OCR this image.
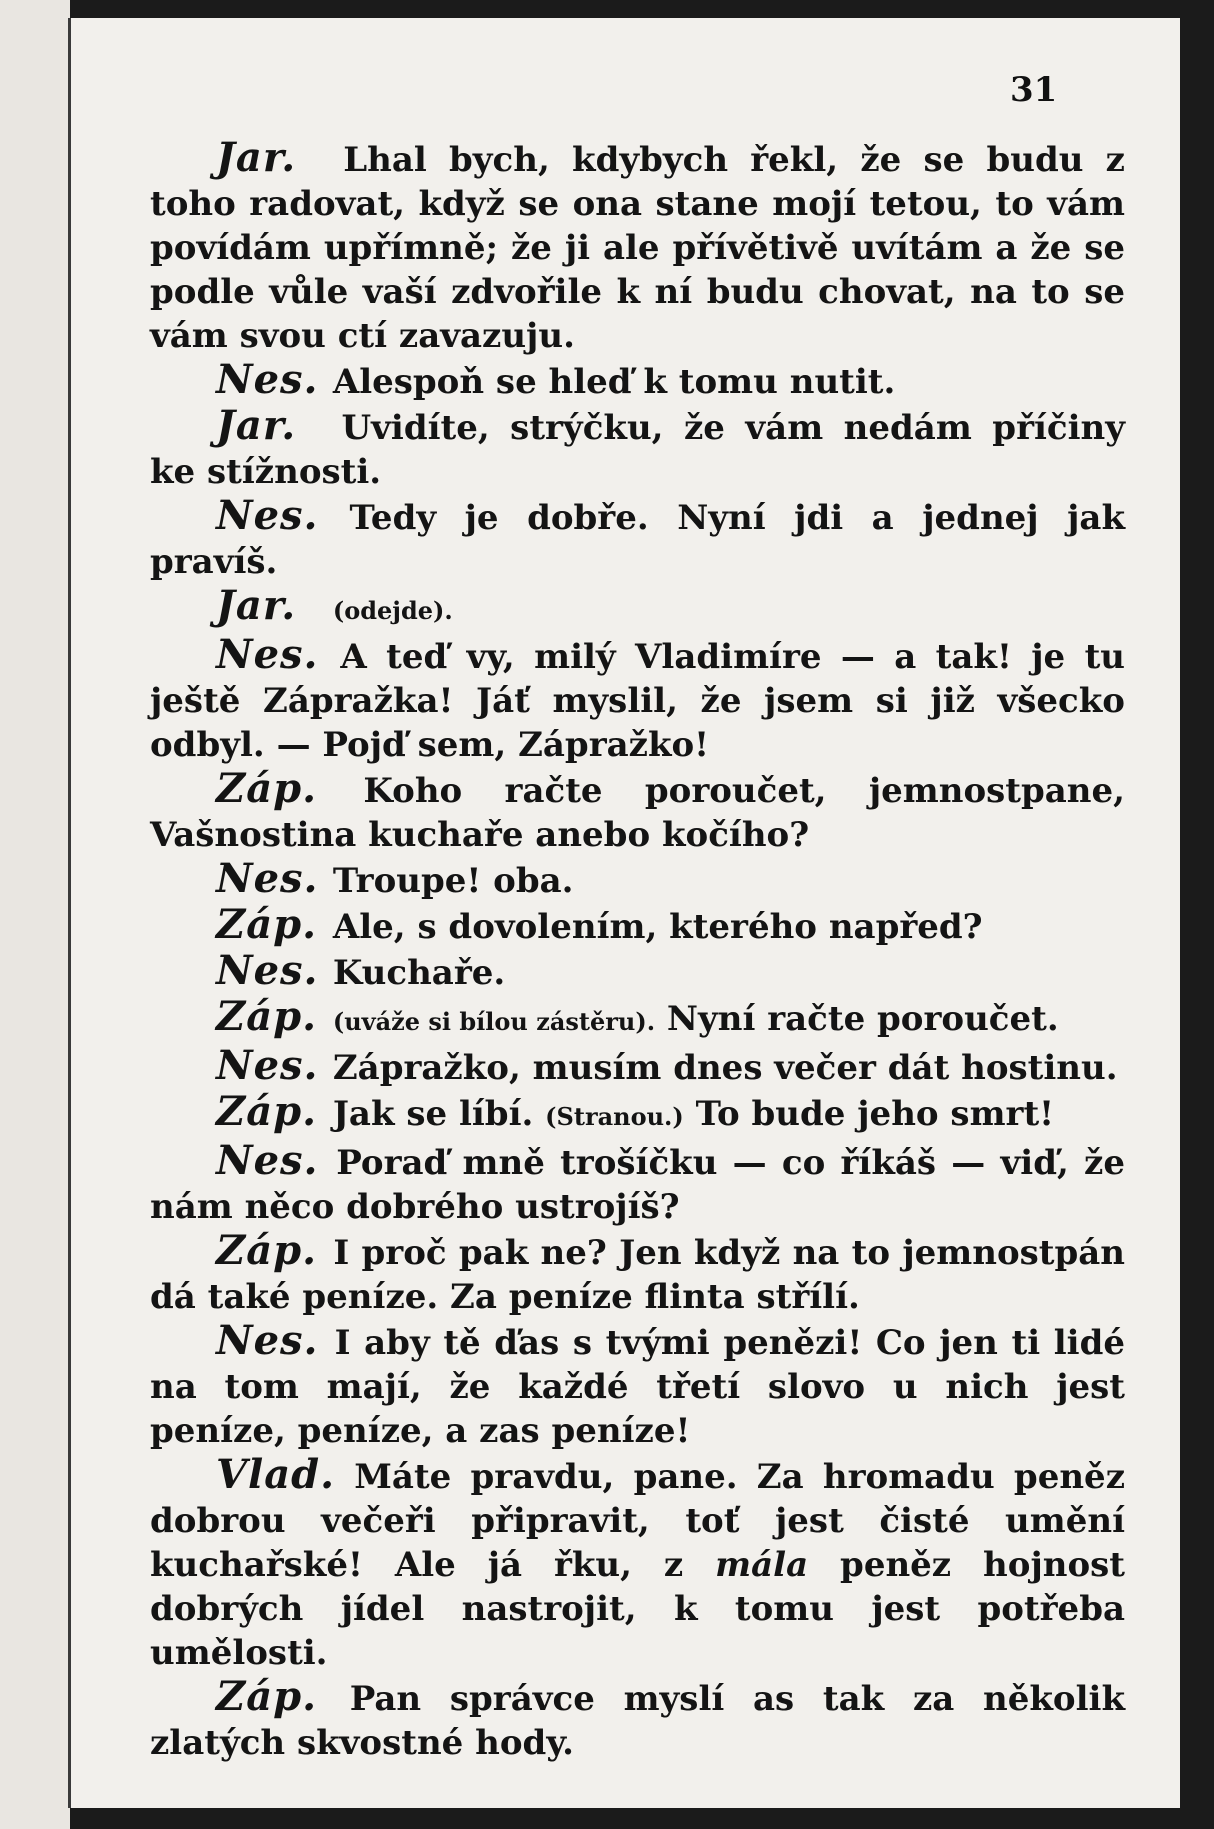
31

Jar. Lhal bych, kdybych řekl, že se budu z toho radovat, když se ona stane mojí tetou, to vám povídám upřímně; že ji ale přívětivě uvítám a že se podle vůle vaší zdvořile k ní budu chovat, na to se vám svou ctí zavazuju.

Nes. Alespoň se hleď k tomu nutit.

Jar. Uvidíte, strýčku, že vám nedám příčiny ke stížnosti.

Nes. Tedy je dobře. Nyní jdi a jednej jak pravíš.

Jar. (odejde).

Nes. A teď vy, milý Vladimíre — a tak! je tu ještě Zápražka! Jáť myslil, že jsem si již všecko odbyl. — Pojď sem, Zápražko!

Záp. Koho račte poroučet, jemnostpane, Vašnostina kuchaře anebo kočího?

Nes. Troupe! oba.

Záp. Ale, s dovolením, kterého napřed?

Nes. Kuchaře.

Záp. (uváže si bílou zástěru). Nyní račte poroučet.

Nes. Zápražko, musím dnes večer dát hostinu.

Záp. Jak se líbí. (Stranou.) To bude jeho smrt!

Nes. Poraď mně trošíčku — co říkáš — viď, že nám něco dobrého ustrojíš?

Záp. I proč pak ne? Jen když na to jemnostpán dá také peníze. Za peníze flinta střílí.

Nes. I aby tě ďas s tvými penězi! Co jen ti lidé na tom mají, že každé třetí slovo u nich jest peníze, peníze, a zas peníze!

Vlad. Máte pravdu, pane. Za hromadu peněz dobrou večeři připravit, toť jest čisté umění kuchařské! Ale já řku, z mála peněz hojnost dobrých jídel nastrojit, k tomu jest potřeba umělosti.

Záp. Pan správce myslí as tak za několik zlatých skvostné hody.
